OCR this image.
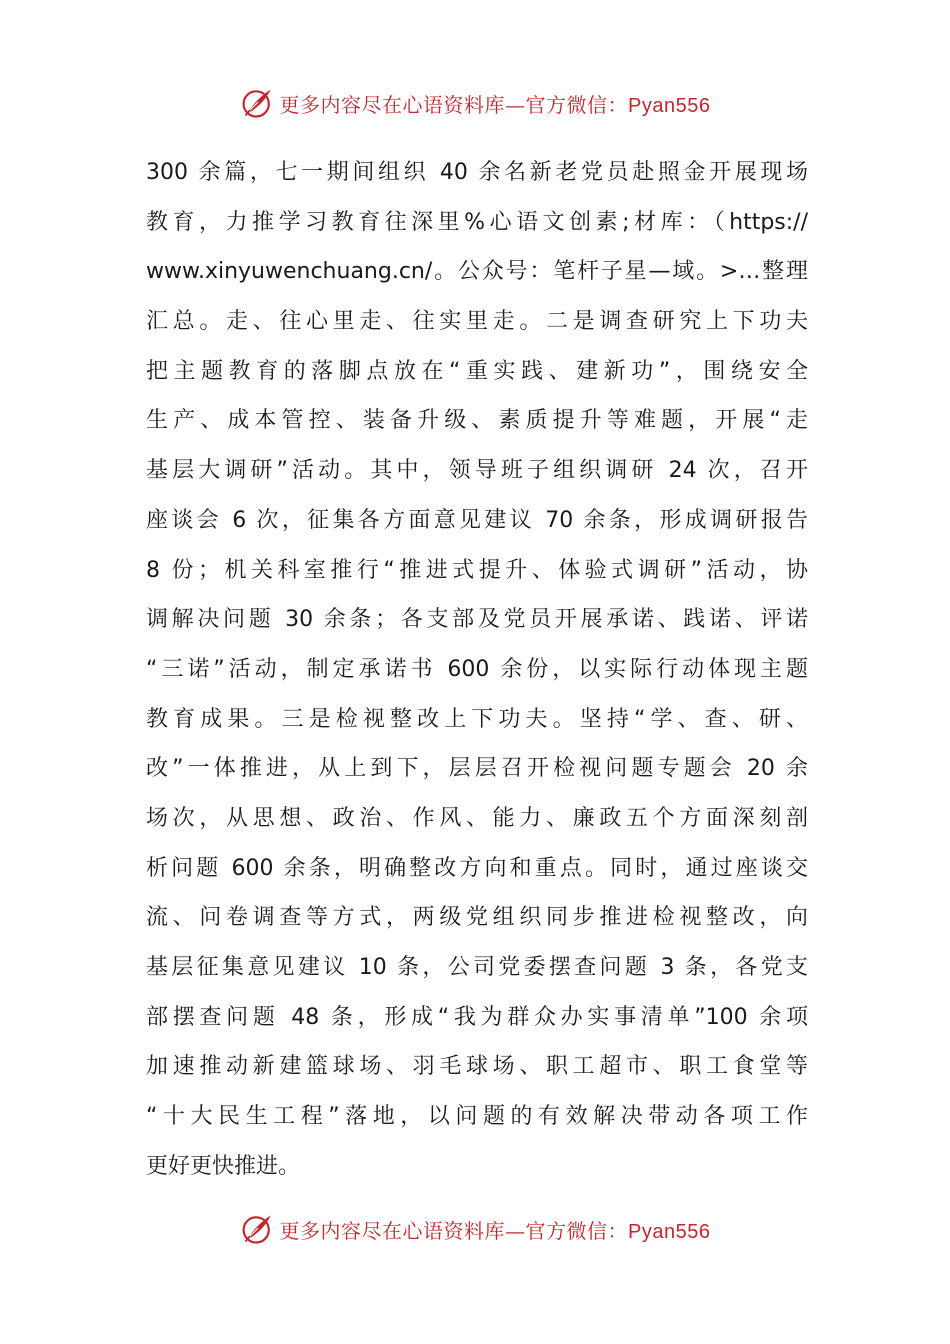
更多内容尽在心语资料库—官方微信：Pyan556
300 余篇，七一期间组织 40 余名新老党员赴照金开展现场
教育，力推学习教育往深里%心语文创素;材库：（https://
www.xinyuwenchuang.cn/。公众号：笔杆子星—域。>…整理
汇总。走、往心里走、往实里走。二是调查研究上下功夫
把主题教育的落脚点放在“重实践、建新功”，围绕安全
生产、成本管控、装备升级、素质提升等难题，开展“走
基层大调研”活动。其中，领导班子组织调研 24 次，召开
座谈会 6 次，征集各方面意见建议 70 余条，形成调研报告
8 份；机关科室推行“推进式提升、体验式调研”活动，协
调解决问题 30 余条；各支部及党员开展承诺、践诺、评诺
“三诺”活动，制定承诺书 600 余份，以实际行动体现主题
教育成果。三是检视整改上下功夫。坚持“学、查、研、
改”一体推进，从上到下，层层召开检视问题专题会 20 余
场次，从思想、政治、作风、能力、廉政五个方面深刻剖
析问题 600 余条，明确整改方向和重点。同时，通过座谈交
流、问卷调查等方式，两级党组织同步推进检视整改，向
基层征集意见建议 10 条，公司党委摆查问题 3 条，各党支
部摆查问题 48 条，形成“我为群众办实事清单”100 余项
加速推动新建篮球场、羽毛球场、职工超市、职工食堂等
“十大民生工程”落地，以问题的有效解决带动各项工作
更好更快推进。
更多内容尽在心语资料库—官方微信：Pyan556
